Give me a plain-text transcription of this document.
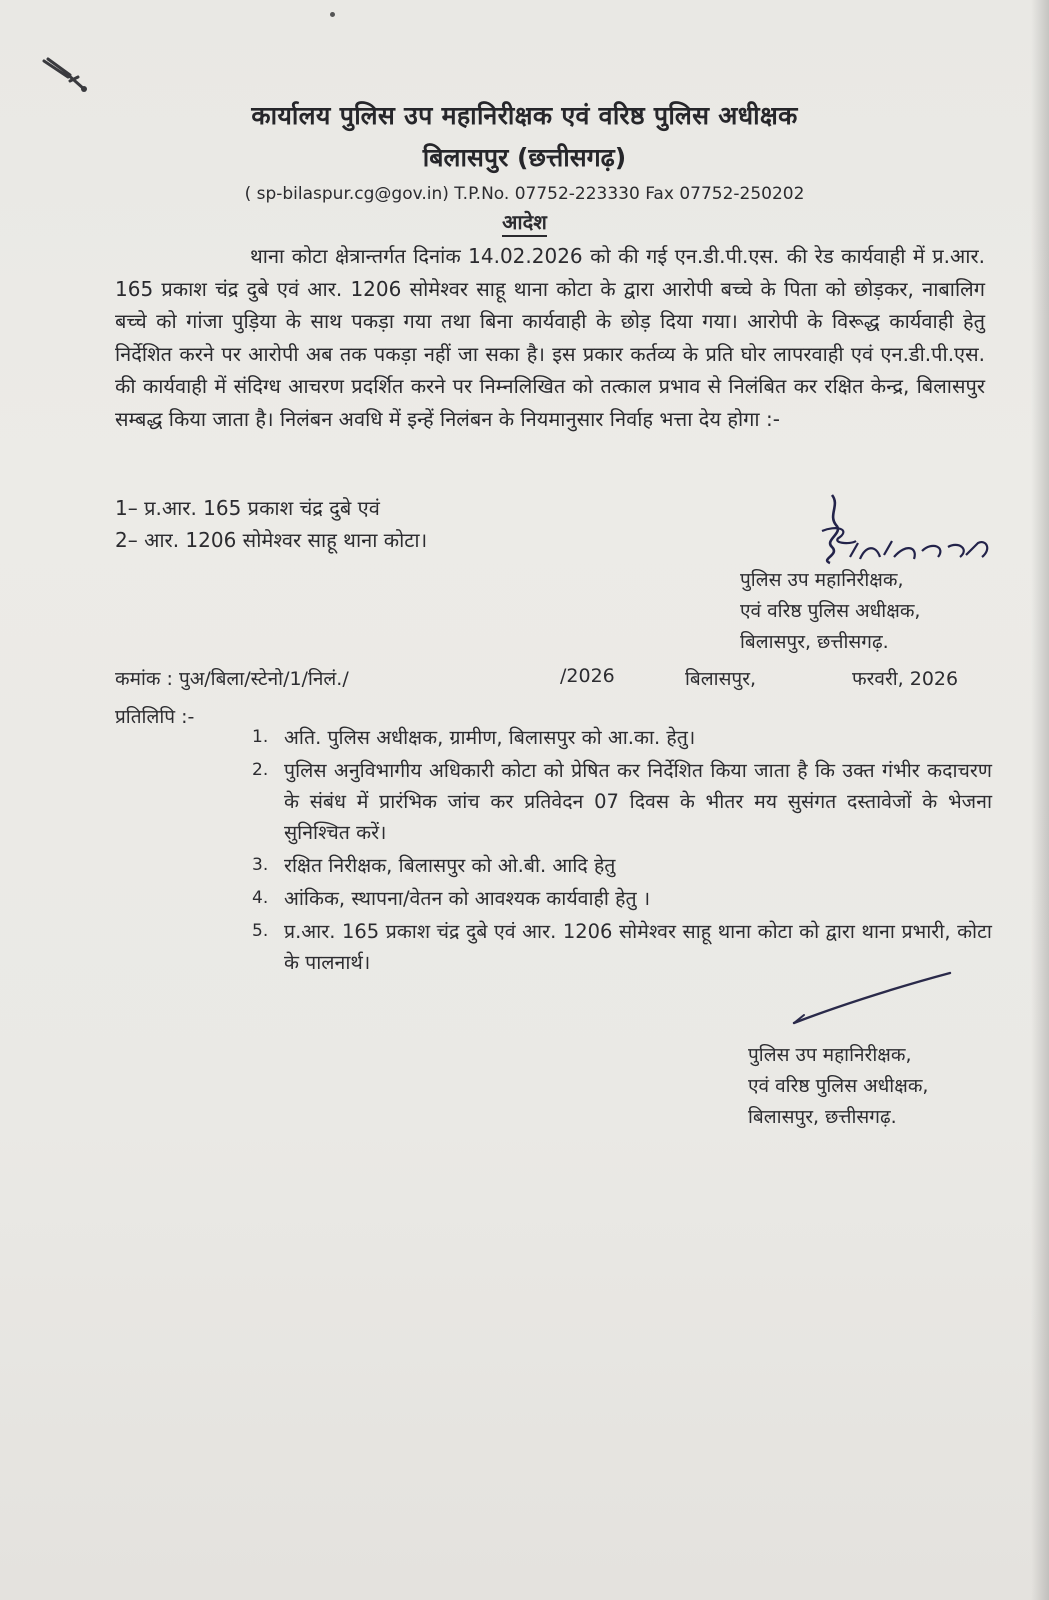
कार्यालय पुलिस उप महानिरीक्षक एवं वरिष्ठ पुलिस अधीक्षक
बिलासपुर (छत्तीसगढ़)
( sp-bilaspur.cg@gov.in) T.P.No. 07752-223330 Fax 07752-250202
आदेश
थाना कोटा क्षेत्रान्तर्गत दिनांक 14.02.2026 को की गई एन.डी.पी.एस. की रेड कार्यवाही में प्र.आर. 165 प्रकाश चंद्र दुबे एवं आर. 1206 सोमेश्वर साहू थाना कोटा के द्वारा आरोपी बच्चे के पिता को छोड़कर, नाबालिग बच्चे को गांजा पुड़िया के साथ पकड़ा गया तथा बिना कार्यवाही के छोड़ दिया गया। आरोपी के विरूद्ध कार्यवाही हेतु निर्देशित करने पर आरोपी अब तक पकड़ा नहीं जा सका है। इस प्रकार कर्तव्य के प्रति घोर लापरवाही एवं एन.डी.पी.एस. की कार्यवाही में संदिग्ध आचरण प्रदर्शित करने पर निम्नलिखित को तत्काल प्रभाव से निलंबित कर रक्षित केन्द्र, बिलासपुर सम्बद्ध किया जाता है। निलंबन अवधि में इन्हें निलंबन के नियमानुसार निर्वाह भत्ता देय होगा :-
1– प्र.आर. 165 प्रकाश चंद्र दुबे एवं
2– आर. 1206 सोमेश्वर साहू थाना कोटा।
पुलिस उप महानिरीक्षक,
एवं वरिष्ठ पुलिस अधीक्षक,
बिलासपुर, छत्तीसगढ़.
कमांक : पुअ/बिला/स्टेनो/1/निलं./	/2026	बिलासपुर,	फरवरी, 2026
प्रतिलिपि :-
1. अति. पुलिस अधीक्षक, ग्रामीण, बिलासपुर को आ.का. हेतु।
2. पुलिस अनुविभागीय अधिकारी कोटा को प्रेषित कर निर्देशित किया जाता है कि उक्त गंभीर कदाचरण के संबंध में प्रारंभिक जांच कर प्रतिवेदन 07 दिवस के भीतर मय सुसंगत दस्तावेजों के भेजना सुनिश्चित करें।
3. रक्षित निरीक्षक, बिलासपुर को ओ.बी. आदि हेतु
4. आंकिक, स्थापना/वेतन को आवश्यक कार्यवाही हेतु ।
5. प्र.आर. 165 प्रकाश चंद्र दुबे एवं आर. 1206 सोमेश्वर साहू थाना कोटा को द्वारा थाना प्रभारी, कोटा के पालनार्थ।
पुलिस उप महानिरीक्षक,
एवं वरिष्ठ पुलिस अधीक्षक,
बिलासपुर, छत्तीसगढ़.
